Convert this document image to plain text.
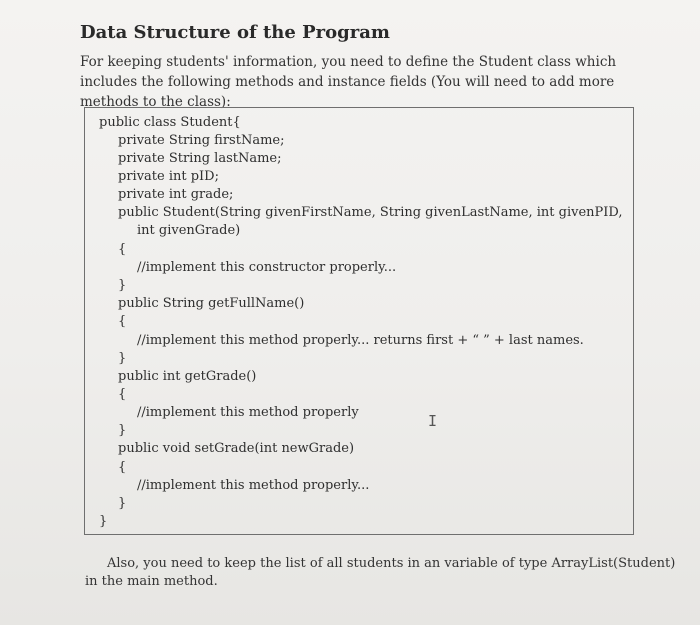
Data Structure of the Program
For keeping students' information, you need to define the Student class which includes the following methods and instance fields (You will need to add more methods to the class):
public class Student{
private String firstName;
private String lastName;
private int pID;
private int grade;
public Student(String givenFirstName, String givenLastName, int givenPID,
int givenGrade)
{
//implement this constructor properly...
}
public String getFullName()
{
//implement this method properly... returns first + “ ” + last names.
}
public int getGrade()
{
//implement this method properly
}
public void setGrade(int newGrade)
{
//implement this method properly...
}
}
I
Also, you need to keep the list of all students in an variable of type ArrayList(Student) in the main method.
